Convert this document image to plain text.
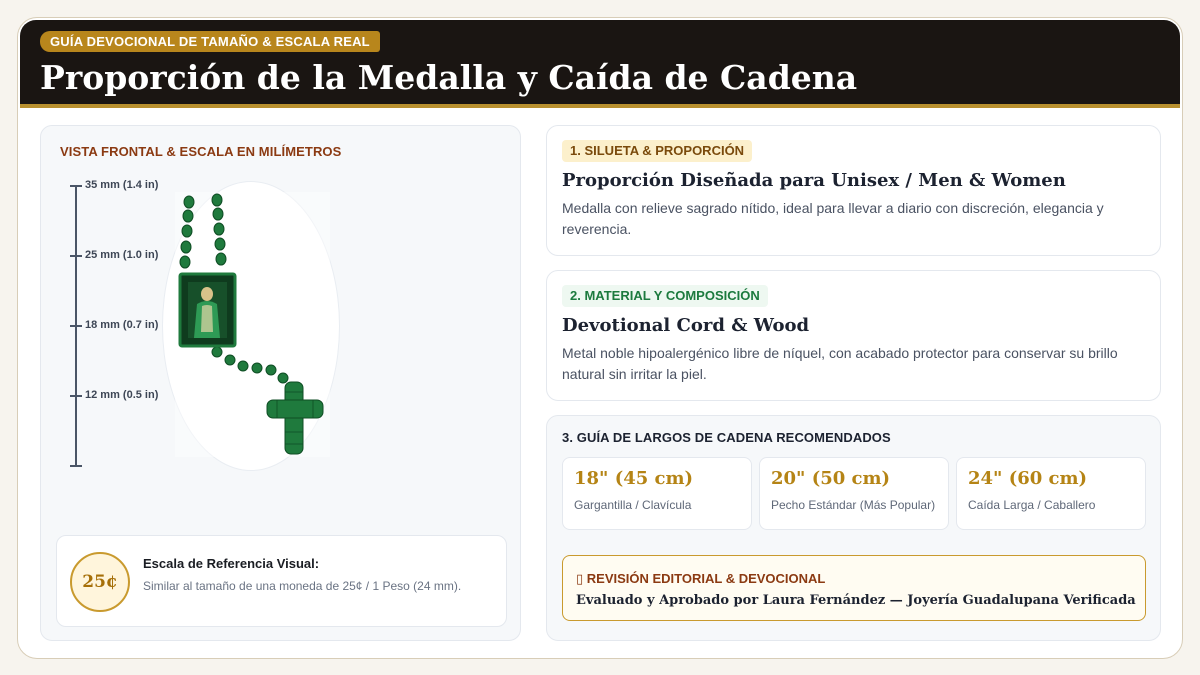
GUÍA DEVOCIONAL DE TAMAÑO & ESCALA REAL
Proporción de la Medalla y Caída de Cadena
VISTA FRONTAL & ESCALA EN MILÍMETROS
35 mm (1.4 in)
25 mm (1.0 in)
18 mm (0.7 in)
12 mm (0.5 in)
25¢
Escala de Referencia Visual:
Similar al tamaño de una moneda de 25¢ / 1 Peso (24 mm).
1. SILUETA & PROPORCIÓN
Proporción Diseñada para Unisex / Men & Women
Medalla con relieve sagrado nítido, ideal para llevar a diario con discreción, elegancia y reverencia.
2. MATERIAL Y COMPOSICIÓN
Devotional Cord & Wood
Metal noble hipoalergénico libre de níquel, con acabado protector para conservar su brillo natural sin irritar la piel.
3. GUÍA DE LARGOS DE CADENA RECOMENDADOS
18" (45 cm)
Gargantilla / Clavícula
20" (50 cm)
Pecho Estándar (Más Popular)
24" (60 cm)
Caída Larga / Caballero
▯ REVISIÓN EDITORIAL & DEVOCIONAL
Evaluado y Aprobado por Laura Fernández — Joyería Guadalupana Verificada
